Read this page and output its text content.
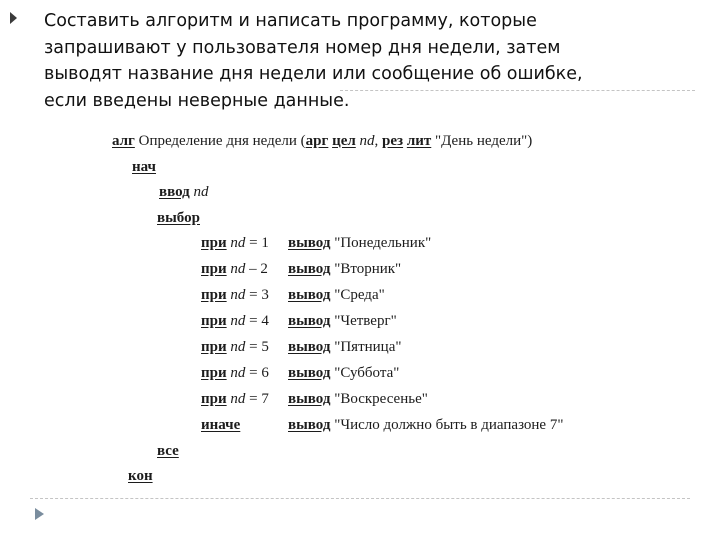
Составить алгоритм и написать программу, которые
запрашивают у пользователя номер дня недели, затем
выводят название дня недели или сообщение об ошибке,
если введены неверные данные.

алг Определение дня недели (арг цел nd, рез лит "День недели")
нач
ввод nd
выбор
при nd = 1 вывод "Понедельник"
при nd – 2 вывод "Вторник"
при nd = 3 вывод "Среда"
при nd = 4 вывод "Четверг"
при nd = 5 вывод "Пятница"
при nd = 6 вывод "Суббота"
при nd = 7 вывод "Воскресенье"
иначе	вывод "Число должно быть в диапазоне 7"
все
кон
